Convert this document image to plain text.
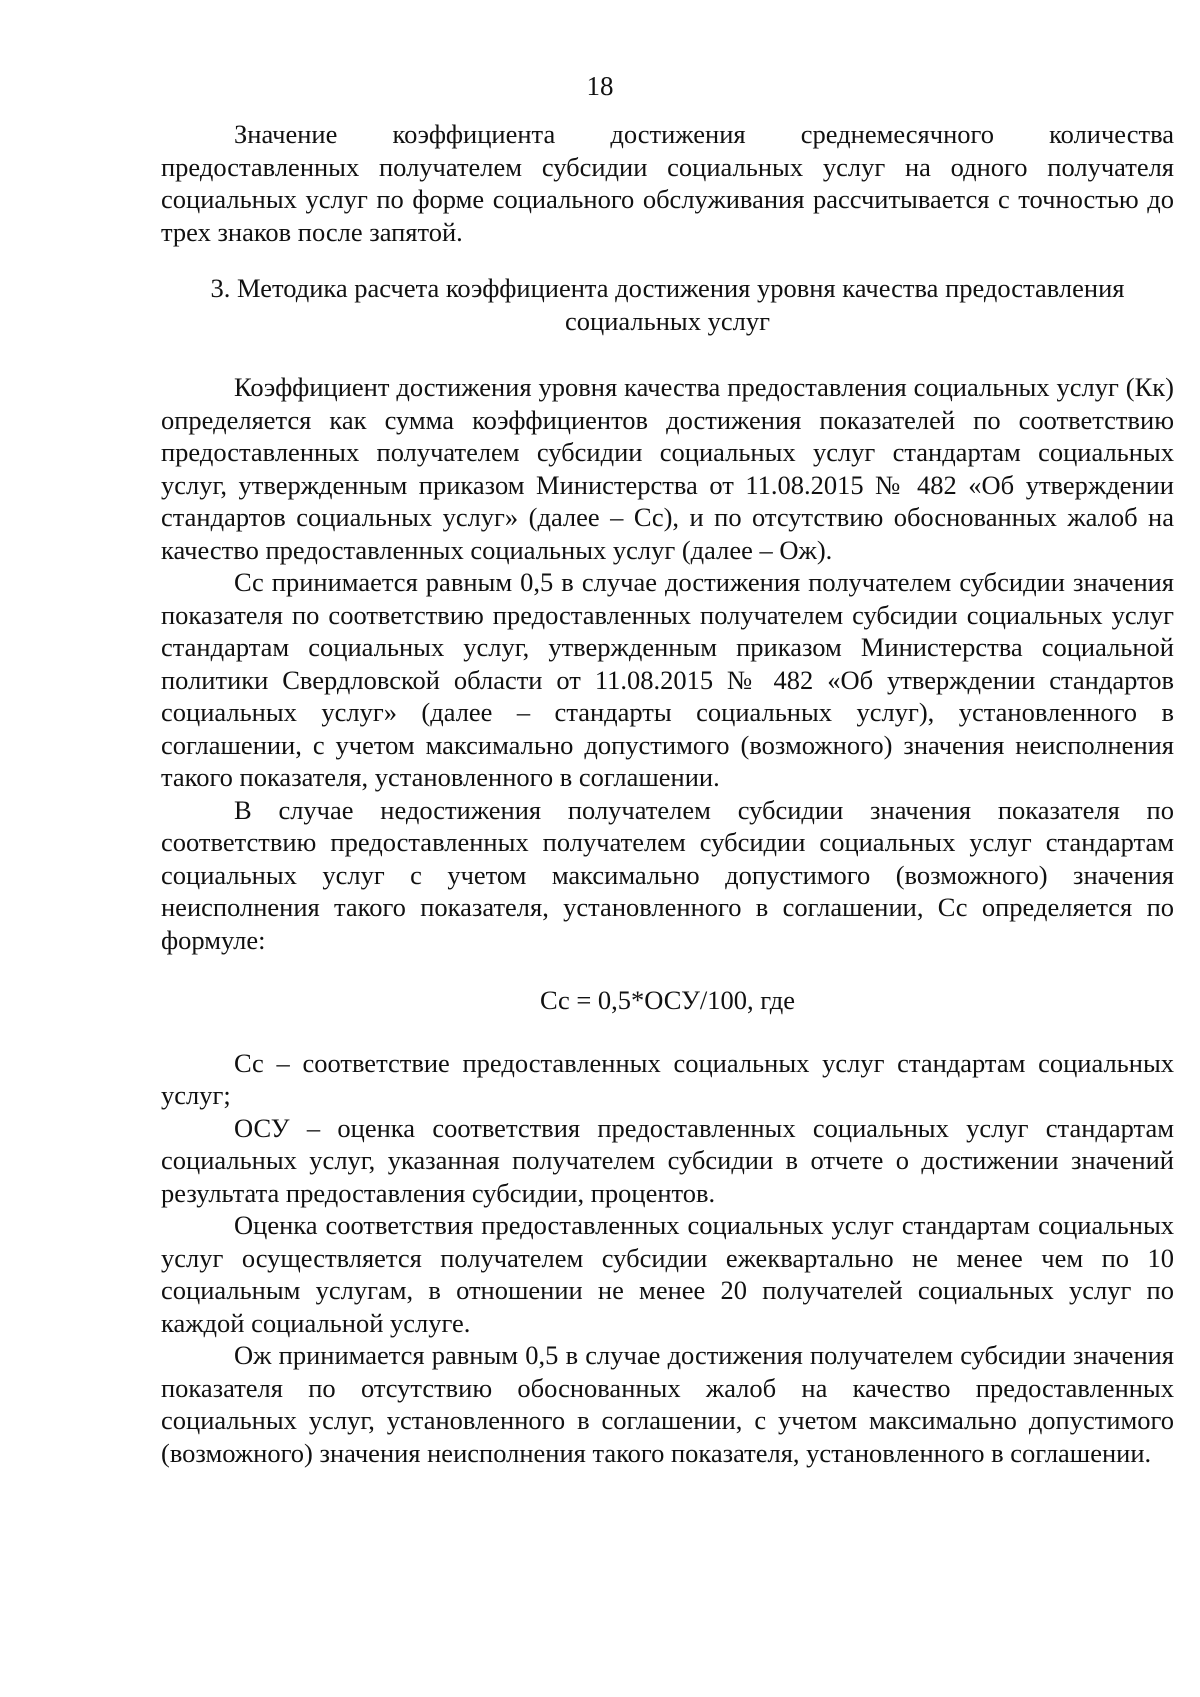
18

Значение коэффициента достижения среднемесячного количества предоставленных получателем субсидии социальных услуг на одного получателя социальных услуг по форме социального обслуживания рассчитывается с точностью до трех знаков после запятой.

3. Методика расчета коэффициента достижения уровня качества предоставления
социальных услуг

Коэффициент достижения уровня качества предоставления социальных услуг (Кк) определяется как сумма коэффициентов достижения показателей по соответствию предоставленных получателем субсидии социальных услуг стандартам социальных услуг, утвержденным приказом Министерства от 11.08.2015 № 482 «Об утверждении стандартов социальных услуг» (далее – Сс), и по отсутствию обоснованных жалоб на качество предоставленных социальных услуг (далее – Ож).

Сс принимается равным 0,5 в случае достижения получателем субсидии значения показателя по соответствию предоставленных получателем субсидии социальных услуг стандартам социальных услуг, утвержденным приказом Министерства социальной политики Свердловской области от 11.08.2015 № 482 «Об утверждении стандартов социальных услуг» (далее – стандарты социальных услуг), установленного в соглашении, с учетом максимально допустимого (возможного) значения неисполнения такого показателя, установленного в соглашении.

В случае недостижения получателем субсидии значения показателя по соответствию предоставленных получателем субсидии социальных услуг стандартам социальных услуг с учетом максимально допустимого (возможного) значения неисполнения такого показателя, установленного в соглашении, Сс определяется по формуле:

Сс = 0,5*ОСУ/100, где

Сс – соответствие предоставленных социальных услуг стандартам социальных услуг;

ОСУ – оценка соответствия предоставленных социальных услуг стандартам социальных услуг, указанная получателем субсидии в отчете о достижении значений результата предоставления субсидии, процентов.

Оценка соответствия предоставленных социальных услуг стандартам социальных услуг осуществляется получателем субсидии ежеквартально не менее чем по 10 социальным услугам, в отношении не менее 20 получателей социальных услуг по каждой социальной услуге.

Ож принимается равным 0,5 в случае достижения получателем субсидии значения показателя по отсутствию обоснованных жалоб на качество предоставленных социальных услуг, установленного в соглашении, с учетом максимально допустимого (возможного) значения неисполнения такого показателя, установленного в соглашении.
